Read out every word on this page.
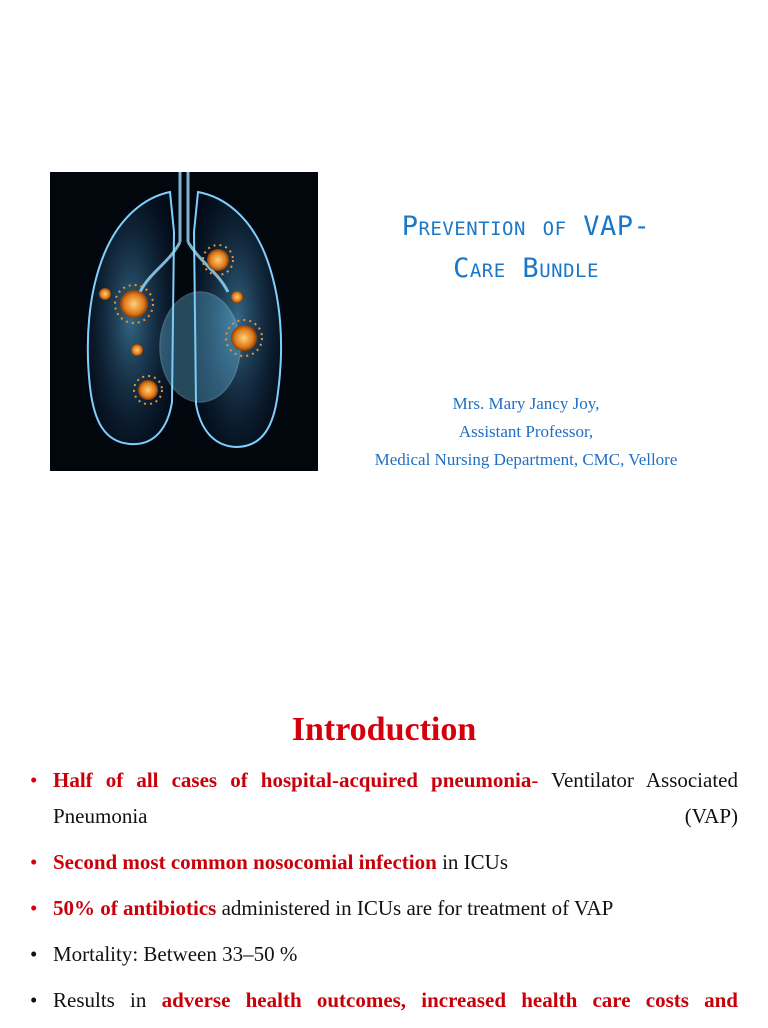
Prevention of VAP-
Care Bundle
Mrs. Mary Jancy Joy,
Assistant Professor,
Medical Nursing Department, CMC, Vellore
Introduction
• Half of all cases of hospital-acquired pneumonia- Ventilator Associated Pneumonia (VAP)
• Second most common nosocomial infection in ICUs
• 50% of antibiotics administered in ICUs are for treatment of VAP
• Mortality: Between 33–50 %
• Results in adverse health outcomes, increased health care costs and
